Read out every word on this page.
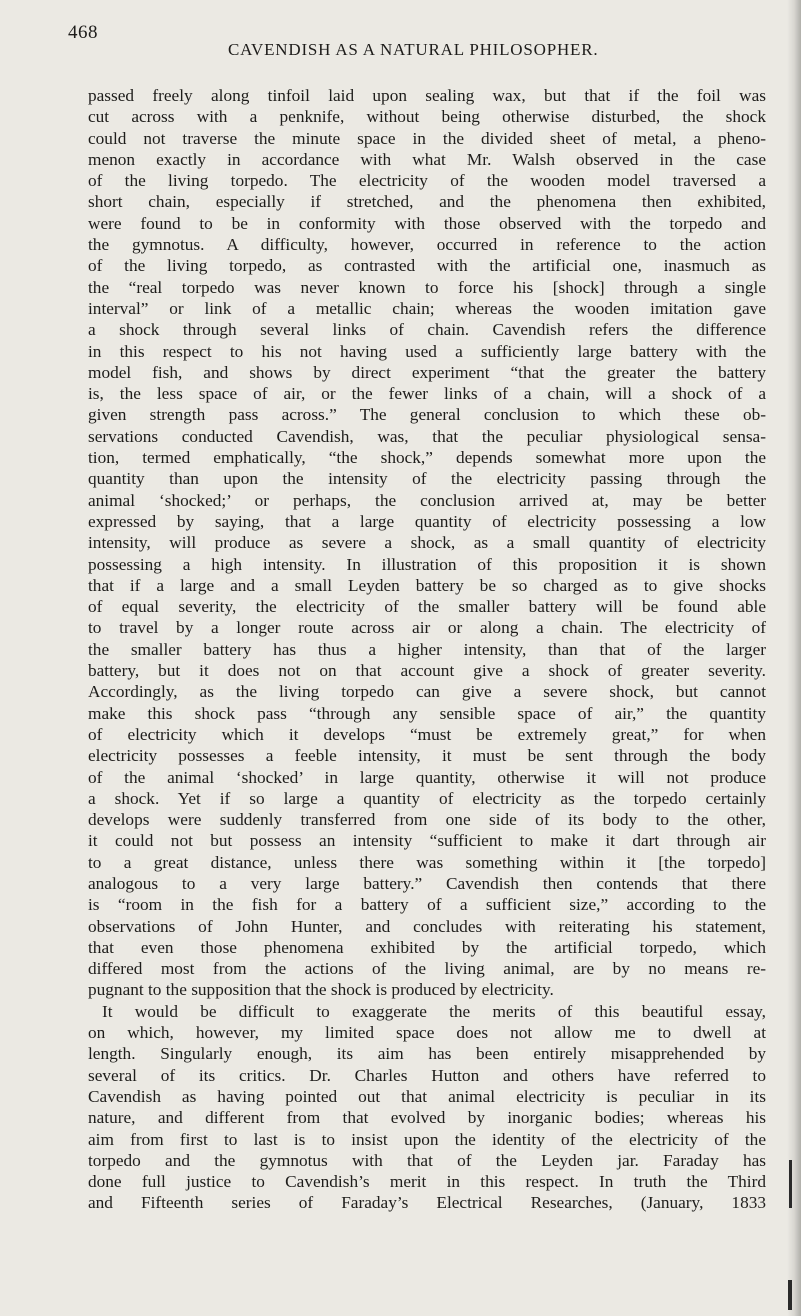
468
CAVENDISH AS A NATURAL PHILOSOPHER.
passed freely along tinfoil laid upon sealing wax, but that if the foil was
cut across with a penknife, without being otherwise disturbed, the shock
could not traverse the minute space in the divided sheet of metal, a pheno-
menon exactly in accordance with what Mr. Walsh observed in the case
of the living torpedo. The electricity of the wooden model traversed a
short chain, especially if stretched, and the phenomena then exhibited,
were found to be in conformity with those observed with the torpedo and
the gymnotus. A difficulty, however, occurred in reference to the action
of the living torpedo, as contrasted with the artificial one, inasmuch as
the “real torpedo was never known to force his [shock] through a single
interval” or link of a metallic chain; whereas the wooden imitation gave
a shock through several links of chain. Cavendish refers the difference
in this respect to his not having used a sufficiently large battery with the
model fish, and shows by direct experiment “that the greater the battery
is, the less space of air, or the fewer links of a chain, will a shock of a
given strength pass across.” The general conclusion to which these ob-
servations conducted Cavendish, was, that the peculiar physiological sensa-
tion, termed emphatically, “the shock,” depends somewhat more upon the
quantity than upon the intensity of the electricity passing through the
animal ‘shocked;’ or perhaps, the conclusion arrived at, may be better
expressed by saying, that a large quantity of electricity possessing a low
intensity, will produce as severe a shock, as a small quantity of electricity
possessing a high intensity. In illustration of this proposition it is shown
that if a large and a small Leyden battery be so charged as to give shocks
of equal severity, the electricity of the smaller battery will be found able
to travel by a longer route across air or along a chain. The electricity of
the smaller battery has thus a higher intensity, than that of the larger
battery, but it does not on that account give a shock of greater severity.
Accordingly, as the living torpedo can give a severe shock, but cannot
make this shock pass “through any sensible space of air,” the quantity
of electricity which it develops “must be extremely great,” for when
electricity possesses a feeble intensity, it must be sent through the body
of the animal ‘shocked’ in large quantity, otherwise it will not produce
a shock. Yet if so large a quantity of electricity as the torpedo certainly
develops were suddenly transferred from one side of its body to the other,
it could not but possess an intensity “sufficient to make it dart through air
to a great distance, unless there was something within it [the torpedo]
analogous to a very large battery.” Cavendish then contends that there
is “room in the fish for a battery of a sufficient size,” according to the
observations of John Hunter, and concludes with reiterating his statement,
that even those phenomena exhibited by the artificial torpedo, which
differed most from the actions of the living animal, are by no means re-
pugnant to the supposition that the shock is produced by electricity.
It would be difficult to exaggerate the merits of this beautiful essay,
on which, however, my limited space does not allow me to dwell at
length. Singularly enough, its aim has been entirely misapprehended by
several of its critics. Dr. Charles Hutton and others have referred to
Cavendish as having pointed out that animal electricity is peculiar in its
nature, and different from that evolved by inorganic bodies; whereas his
aim from first to last is to insist upon the identity of the electricity of the
torpedo and the gymnotus with that of the Leyden jar. Faraday has
done full justice to Cavendish’s merit in this respect. In truth the Third
and Fifteenth series of Faraday’s Electrical Researches, (January, 1833
